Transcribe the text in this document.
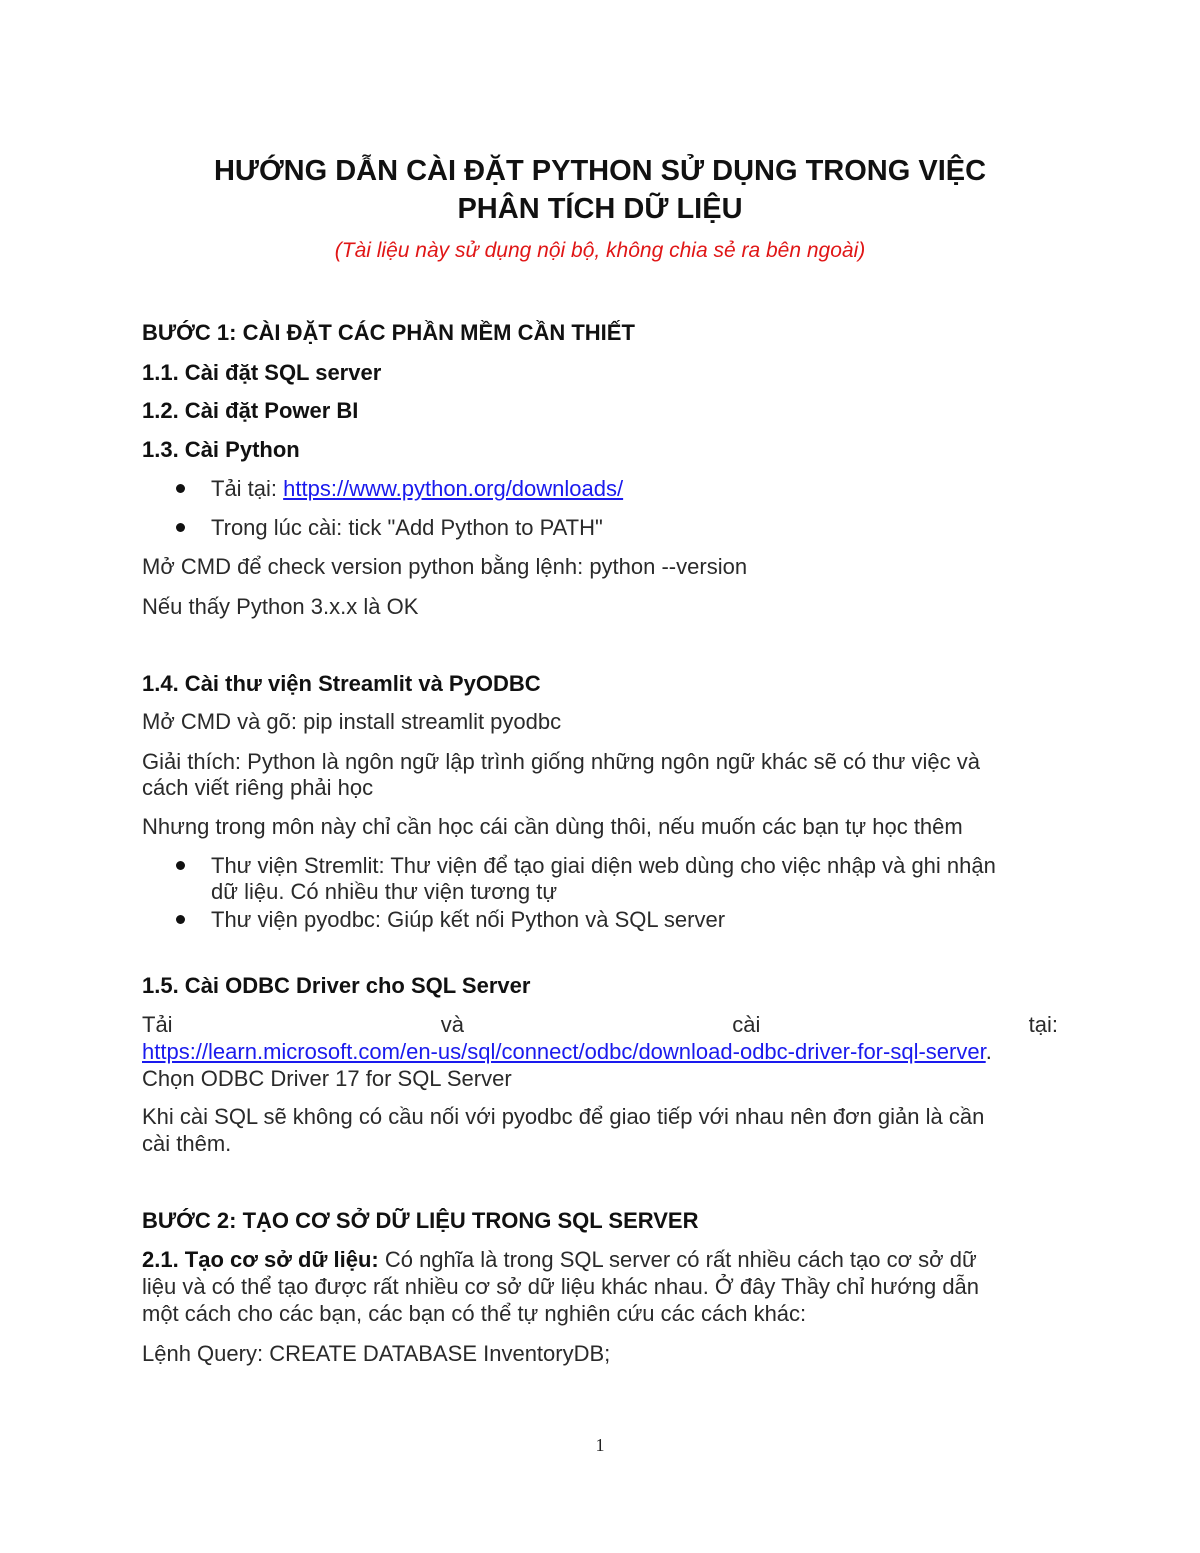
HƯỚNG DẪN CÀI ĐẶT PYTHON SỬ DỤNG TRONG VIỆC
PHÂN TÍCH DỮ LIỆU
(Tài liệu này sử dụng nội bộ, không chia sẻ ra bên ngoài)
BƯỚC 1: CÀI ĐẶT CÁC PHẦN MỀM CẦN THIẾT
1.1. Cài đặt SQL server
1.2. Cài đặt Power BI
1.3. Cài Python
Tải tại: https://www.python.org/downloads/
Trong lúc cài: tick "Add Python to PATH"
Mở CMD để check version python bằng lệnh: python --version
Nếu thấy Python 3.x.x là OK
1.4. Cài thư viện Streamlit và PyODBC
Mở CMD và gõ: pip install streamlit pyodbc
Giải thích: Python là ngôn ngữ lập trình giống những ngôn ngữ khác sẽ có thư việc và
cách viết riêng phải học
Nhưng trong môn này chỉ cần học cái cần dùng thôi, nếu muốn các bạn tự học thêm
Thư viện Stremlit: Thư viện để tạo giai diện web dùng cho việc nhập và ghi nhận
dữ liệu. Có nhiều thư viện tương tự
Thư viện pyodbc: Giúp kết nối Python và SQL server
1.5. Cài ODBC Driver cho SQL Server
Tải	và	cài	tại:
https://learn.microsoft.com/en-us/sql/connect/odbc/download-odbc-driver-for-sql-server.
Chọn ODBC Driver 17 for SQL Server
Khi cài SQL sẽ không có cầu nối với pyodbc để giao tiếp với nhau nên đơn giản là cần
cài thêm.
BƯỚC 2: TẠO CƠ SỞ DỮ LIỆU TRONG SQL SERVER
2.1. Tạo cơ sở dữ liệu: Có nghĩa là trong SQL server có rất nhiều cách tạo cơ sở dữ
liệu và có thể tạo được rất nhiều cơ sở dữ liệu khác nhau. Ở đây Thầy chỉ hướng dẫn
một cách cho các bạn, các bạn có thể tự nghiên cứu các cách khác:
Lệnh Query: CREATE DATABASE InventoryDB;
1
